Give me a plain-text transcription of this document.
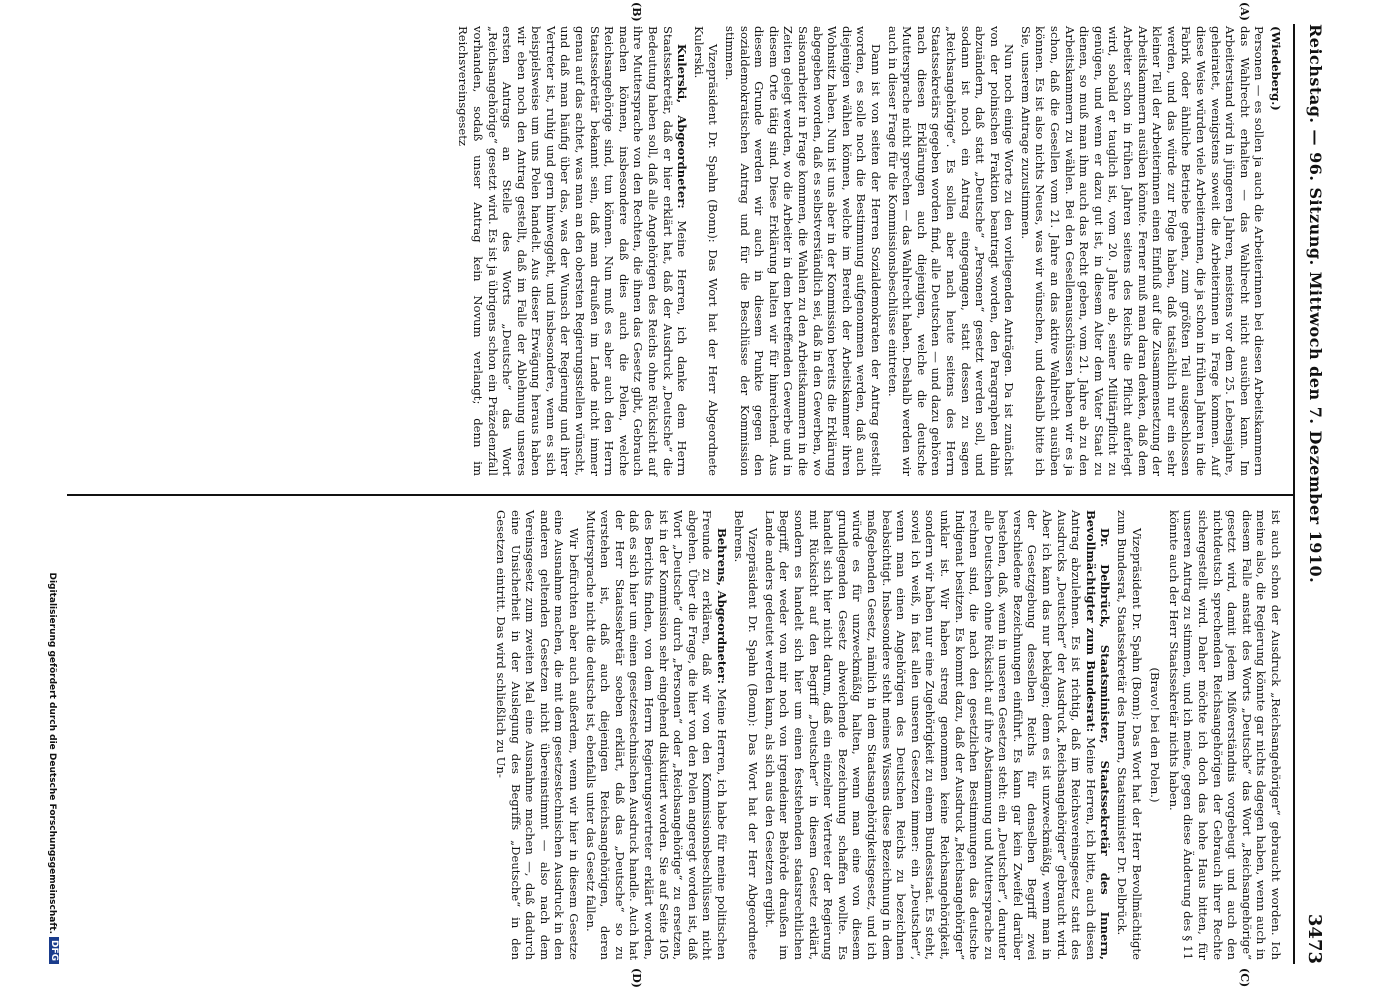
Reichstag. — 96. Sitzung. Mittwoch den 7. Dezember 1910.
3473
(A)
(B)
(C)
(D)

(Wiedeberg.)

Personen — es sollen ja auch die Arbeiterinnen bei diesen Arbeitskammern das Wahlrecht erhalten — das Wahlrecht nicht ausüben kann. Im Arbeiterstand wird in jüngeren Jahren, meistens vor dem 25. Lebensjahre, geheiratet, wenigstens soweit die Arbeiterinnen in Frage kommen. Auf diese Weise würden viele Arbeiterinnen, die ja schon in frühen Jahren in die Fabrik oder ähnliche Betriebe gehen, zum größten Teil ausgeschlossen werden, und das würde zur Folge haben, daß tatsächlich nur ein sehr kleiner Teil der Arbeiterinnen einen Einfluß auf die Zusammensetzung der Arbeitskammern ausüben könnte. Ferner muß man daran denken, daß dem Arbeiter schon in frühen Jahren seitens des Reichs die Pflicht auferlegt wird, sobald er tauglich ist, vom 20. Jahre ab, seiner Militärpflicht zu genügen, und wenn er dazu gut ist, in diesem Alter dem Vater Staat zu dienen, so muß man ihm auch das Recht geben, vom 21. Jahre ab zu den Arbeitskammern zu wählen. Bei den Gesellenausschüssen haben wir es ja schon, daß die Gesellen vom 21. Jahre an das aktive Wahlrecht ausüben können. Es ist also nichts Neues, was wir wünschen, und deshalb bitte ich Sie, unserem Antrage zuzustimmen.

Nun noch einige Worte zu den vorliegenden Anträgen. Da ist zunächst von der polnischen Fraktion beantragt worden, den Paragraphen dahin abzuändern, daß statt „Deutsche“ „Personen“ gesetzt werden soll, und sodann ist noch ein Antrag eingegangen, statt dessen zu sagen „Reichsangehörige“. Es sollen aber nach heute seitens des Herrn Staatssekretärs gegeben worden find, alle Deutschen — und dazu gehören nach diesen Erklärungen auch diejenigen, welche die deutsche Muttersprache nicht sprechen — das Wahlrecht haben. Deshalb werden wir auch in dieser Frage für die Kommissionsbeschlüsse eintreten.

Dann ist von seiten der Herren Sozialdemokraten der Antrag gestellt worden, es solle noch die Bestimmung aufgenommen werden, daß auch diejenigen wählen können, welche im Bereich der Arbeitskammer ihren Wohnsitz haben. Nun ist uns aber in der Kommission bereits die Erklärung abgegeben worden, daß es selbstverständlich sei, daß in den Gewerben, wo Saisonarbeiter in Frage kommen, die Wahlen zu den Arbeitskammern in die Zeiten gelegt werden, wo die Arbeiter in dem betreffenden Gewerbe und in diesem Orte tätig sind. Diese Erklärung halten wir für hinreichend. Aus diesem Grunde werden wir auch in diesem Punkte gegen den sozialdemokratischen Antrag und für die Beschlüsse der Kommission stimmen.

Vizepräsident Dr. Spahn (Bonn): Das Wort hat der Herr Abgeordnete Kulerski.

Kulerski, Abgeordneter: Meine Herren, ich danke dem Herrn Staatssekretär, daß er hier erklärt hat, daß der Ausdruck „Deutsche“ die Bedeutung haben soll, daß alle Angehörigen des Reichs ohne Rücksicht auf ihre Muttersprache von den Rechten, die ihnen das Gesetz gibt, Gebrauch machen können, insbesondere daß dies auch die Polen, welche Reichsangehörige sind, tun können. Nun muß es aber auch den Herrn Staatssekretär bekannt sein, daß man draußen im Lande nicht immer genau auf das achtet, was man an den obersten Regierungsstellen wünscht, und daß man häufig über das, was der Wunsch der Regierung und ihrer Vertreter ist, ruhig und gern hinweggeht, und insbesondere, wenn es sich beispielsweise um uns Polen handelt. Aus dieser Erwägung heraus haben wir eben noch den Antrag gestellt, daß im Falle der Ablehnung unseres ersten Antrags an Stelle des Worts „Deutsche“ das Wort „Reichsangehörige“ gesetzt wird. Es ist ja übrigens schon ein Präzedenzfall vorhanden, sodaß unser Antrag kein Novum verlangt; denn im Reichsvereinsgesetz

ist auch schon der Ausdruck „Reichsangehöriger“ gebraucht worden. Ich meine also, die Regierung könnte gar nichts dagegen haben, wenn auch in diesem Falle anstatt des Worts „Deutsche“ das Wort „Reichsangehörige“ gesetzt wird, damit jedem Mißverständnis vorgebeugt und auch den nichtdeutsch sprechenden Reichsangehörigen der Gebrauch ihrer Rechte sichergestellt wird. Daher möchte ich doch das hohe Haus bitten, für unseren Antrag zu stimmen, und ich meine, gegen diese Änderung des § 11 könnte auch der Herr Staatssekretär nichts haben.

(Bravo! bei den Polen.)

Vizepräsident Dr. Spahn (Bonn): Das Wort hat der Herr Bevollmächtigte zum Bundesrat, Staatssekretär des Innern, Staatsminister Dr. Delbrück.

Dr. Delbrück, Staatsminister, Staatssekretär des Innern, Bevollmächtigter zum Bundesrat: Meine Herren, ich bitte, auch diesen Antrag abzulehnen. Es ist richtig, daß im Reichsvereinsgesetz statt des Ausdrucks „Deutscher“ der Ausdruck „Reichsangehöriger“ gebraucht wird. Aber ich kann das nur beklagen; denn es ist unzweckmäßig, wenn man in der Gesetzgebung desselben Reichs für denselben Begriff zwei verschiedene Bezeichnungen einführt. Es kann gar kein Zweifel darüber bestehen, daß, wenn in unseren Gesetzen steht: ein „Deutscher“, darunter alle Deutschen ohne Rücksicht auf ihre Abstammung und Muttersprache zu rechnen sind, die nach den gesetzlichen Bestimmungen das deutsche Indigenat besitzen. Es kommt dazu, daß der Ausdruck „Reichsangehöriger“ unklar ist. Wir haben streng genommen keine Reichsangehörigkeit, sondern wir haben nur eine Zugehörigkeit zu einem Bundesstaat. Es steht, soviel ich weiß, in fast allen unseren Gesetzen immer: ein „Deutscher“, wenn man einen Angehörigen des Deutschen Reichs zu bezeichnen beabsichtigt. Insbesondere steht meines Wissens diese Bezeichnung in dem maßgebenden Gesetz, nämlich in dem Staatsangehörigkeitsgesetz, und ich würde es für unzweckmäßig halten, wenn man eine von diesem grundlegenden Gesetz abweichende Bezeichnung schaffen wollte. Es handelt sich hier nicht darum, daß ein einzelner Vertreter der Regierung mit Rücksicht auf den Begriff „Deutscher“ in diesem Gesetz erklärt, sondern es handelt sich hier um einen feststehenden staatsrechtlichen Begriff, der weder von mir noch von irgendeiner Behörde draußen im Lande anders gedeutet werden kann, als sich aus den Gesetzen ergibt.

Vizepräsident Dr. Spahn (Bonn): Das Wort hat der Herr Abgeordnete Behrens.

Behrens, Abgeordneter: Meine Herren, ich habe für meine politischen Freunde zu erklären, daß wir von den Kommissionsbeschlüssen nicht abgehen. Über die Frage, die hier von den Polen angeregt worden ist, daß Wort „Deutsche“ durch „Personen“ oder „Reichsangehörige“ zu ersetzen, ist in der Kommission sehr eingehend diskutiert worden. Sie auf Seite 105 des Berichts finden, von dem Herrn Regierungsvertreter erklärt worden, daß es sich hier um einen gesetzestechnischen Ausdruck handle. Auch hat der Herr Staatssekretär soeben erklärt, daß das „Deutsche“ so zu verstehen ist, daß auch diejenigen Reichsangehörigen, deren Muttersprache nicht die deutsche ist, ebenfalls unter das Gesetz fallen.

Wir befürchten aber auch außerdem, wenn wir hier in diesem Gesetze eine Ausnahme machen, die mit dem gesetzestechnischen Ausdruck in den anderen geltenden Gesetzen nicht übereinstimmt — also nach dem Vereinsgesetz zum zweiten Mal eine Ausnahme machen —, daß dadurch eine Unsicherheit in der Auslegung des Begriffs „Deutsche“ in den Gesetzen eintritt. Das wird schließlich zu Un-

Digitalisierung gefördert durch die Deutsche Forschungsgemeinschaft.
DFG
